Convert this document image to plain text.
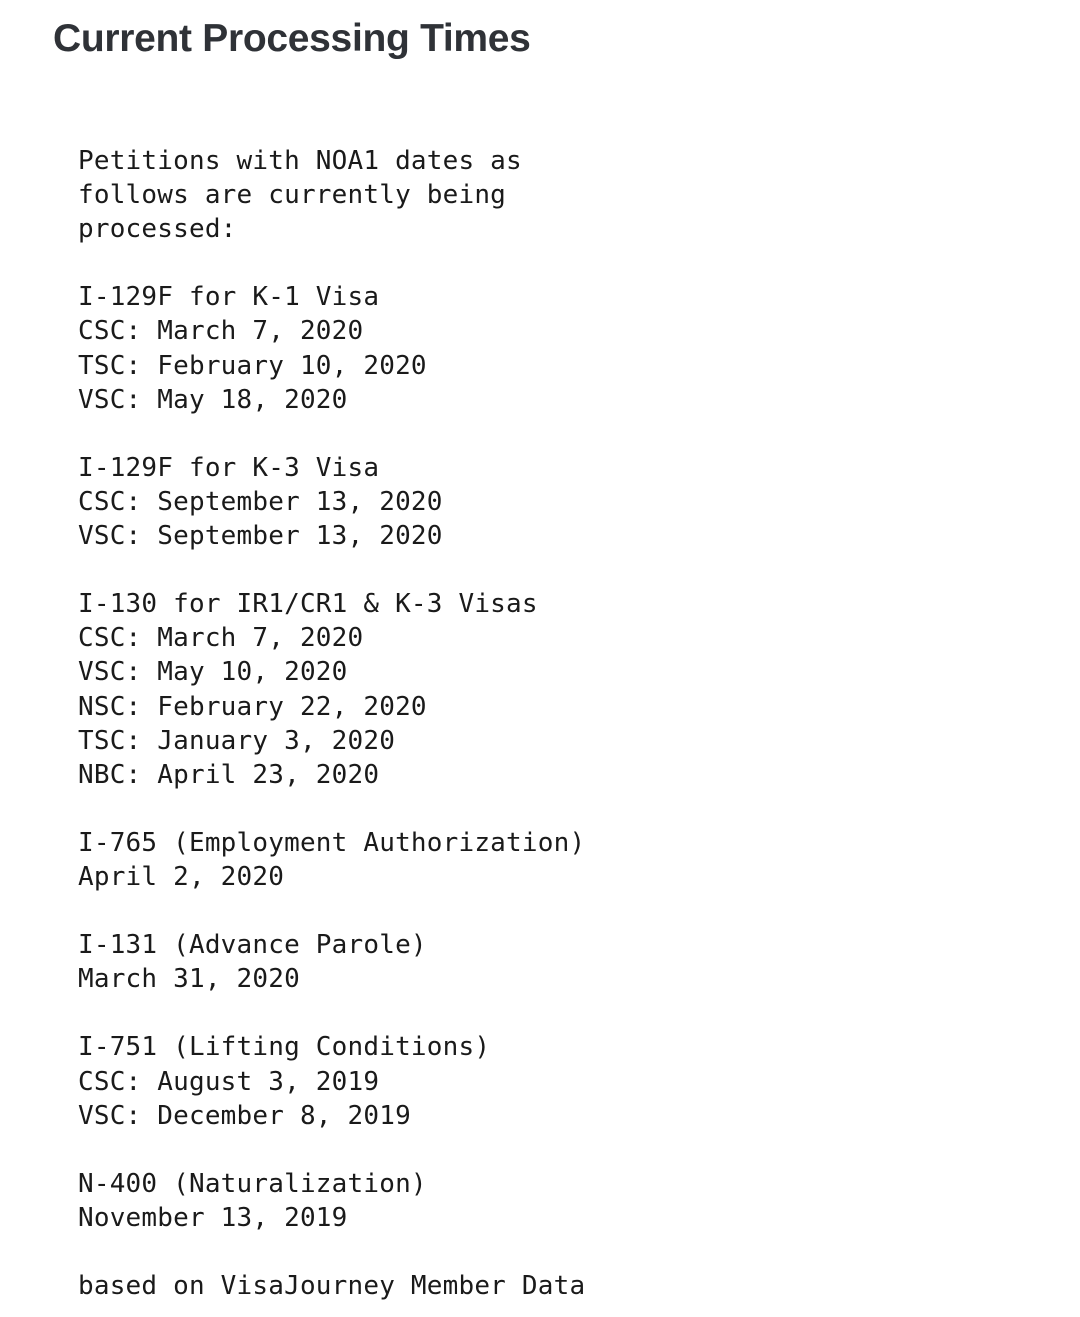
Current Processing Times
Petitions with NOA1 dates as
follows are currently being
processed:
I-129F for K-1 Visa
CSC: March 7, 2020
TSC: February 10, 2020
VSC: May 18, 2020
I-129F for K-3 Visa
CSC: September 13, 2020
VSC: September 13, 2020
I-130 for IR1/CR1 & K-3 Visas
CSC: March 7, 2020
VSC: May 10, 2020
NSC: February 22, 2020
TSC: January 3, 2020
NBC: April 23, 2020
I-765 (Employment Authorization)
April 2, 2020
I-131 (Advance Parole)
March 31, 2020
I-751 (Lifting Conditions)
CSC: August 3, 2019
VSC: December 8, 2019
N-400 (Naturalization)
November 13, 2019
based on VisaJourney Member Data
